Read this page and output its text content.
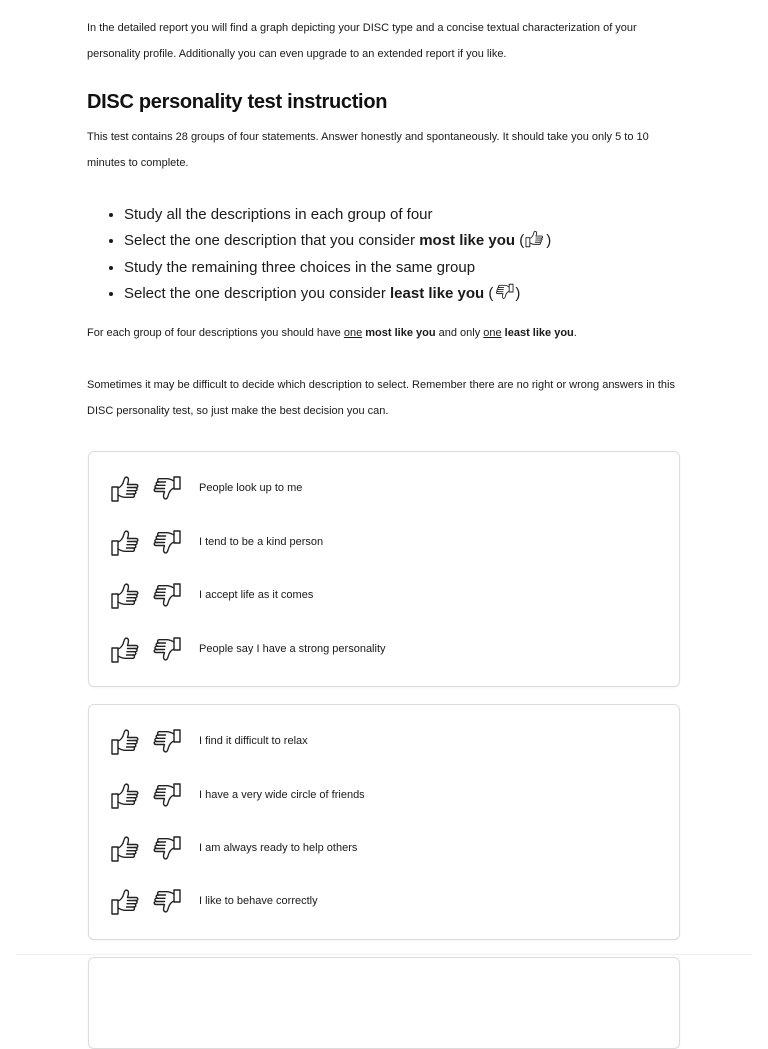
In the detailed report you will find a graph depicting your DISC type and a concise textual characterization of your personality profile. Additionally you can even upgrade to an extended report if you like.

DISC personality test instruction

This test contains 28 groups of four statements. Answer honestly and spontaneously. It should take you only 5 to 10 minutes to complete.

• Study all the descriptions in each group of four
• Select the one description that you consider most like you ( )
• Study the remaining three choices in the same group
• Select the one description you consider least like you ( )

For each group of four descriptions you should have one most like you and only one least like you.

Sometimes it may be difficult to decide which description to select. Remember there are no right or wrong answers in this DISC personality test, so just make the best decision you can.

People look up to me
I tend to be a kind person
I accept life as it comes
People say I have a strong personality
I find it difficult to relax
I have a very wide circle of friends
I am always ready to help others
I like to behave correctly
